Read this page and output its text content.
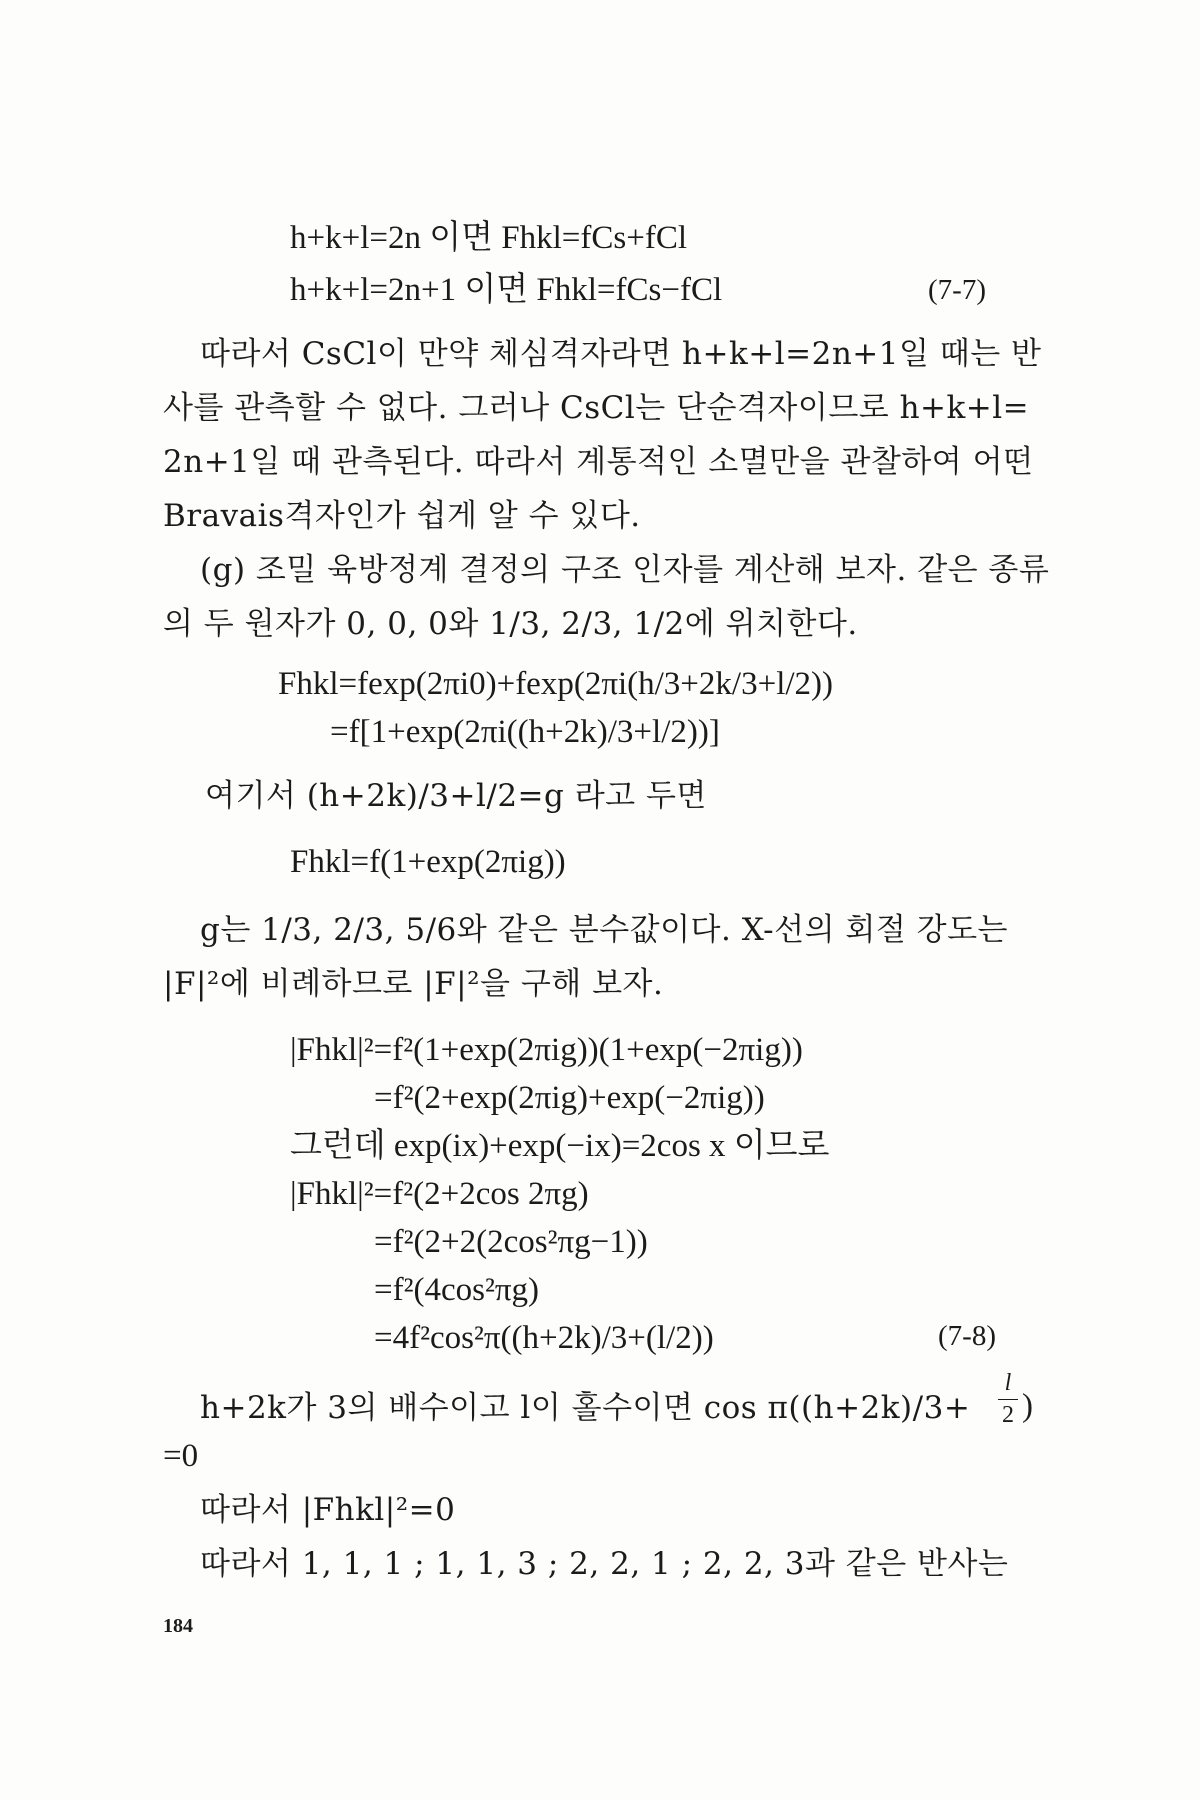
h+k+l=2n 이면 Fhkl=fCs+fCl
h+k+l=2n+1 이면 Fhkl=fCs−fCl	(7-7)
따라서 CsCl이 만약 체심격자라면 h+k+l=2n+1일 때는 반
사를 관측할 수 없다. 그러나 CsCl는 단순격자이므로 h+k+l=
2n+1일 때 관측된다. 따라서 계통적인 소멸만을 관찰하여 어떤
Bravais격자인가 쉽게 알 수 있다.
(g) 조밀 육방정계 결정의 구조 인자를 계산해 보자. 같은 종류
의 두 원자가 0, 0, 0와 1/3, 2/3, 1/2에 위치한다.
Fhkl=fexp(2πi0)+fexp(2πi(h/3+2k/3+l/2))
=f[1+exp(2πi((h+2k)/3+l/2))]
여기서 (h+2k)/3+l/2=g 라고 두면
Fhkl=f(1+exp(2πig))
g는 1/3, 2/3, 5/6와 같은 분수값이다. X-선의 회절 강도는
|F|²에 비례하므로 |F|²을 구해 보자.
|Fhkl|²=f²(1+exp(2πig))(1+exp(−2πig))
=f²(2+exp(2πig)+exp(−2πig))
그런데 exp(ix)+exp(−ix)=2cos x 이므로
|Fhkl|²=f²(2+2cos 2πg)
=f²(2+2(2cos²πg−1))
=f²(4cos²πg)
=4f²cos²π((h+2k)/3+(l/2))	(7-8)
h+2k가 3의 배수이고 l이 홀수이면 cos π((h+2k)/3+
l
2 )
=0
따라서 |Fhkl|²=0
따라서 1, 1, 1 ; 1, 1, 3 ; 2, 2, 1 ; 2, 2, 3과 같은 반사는
184
